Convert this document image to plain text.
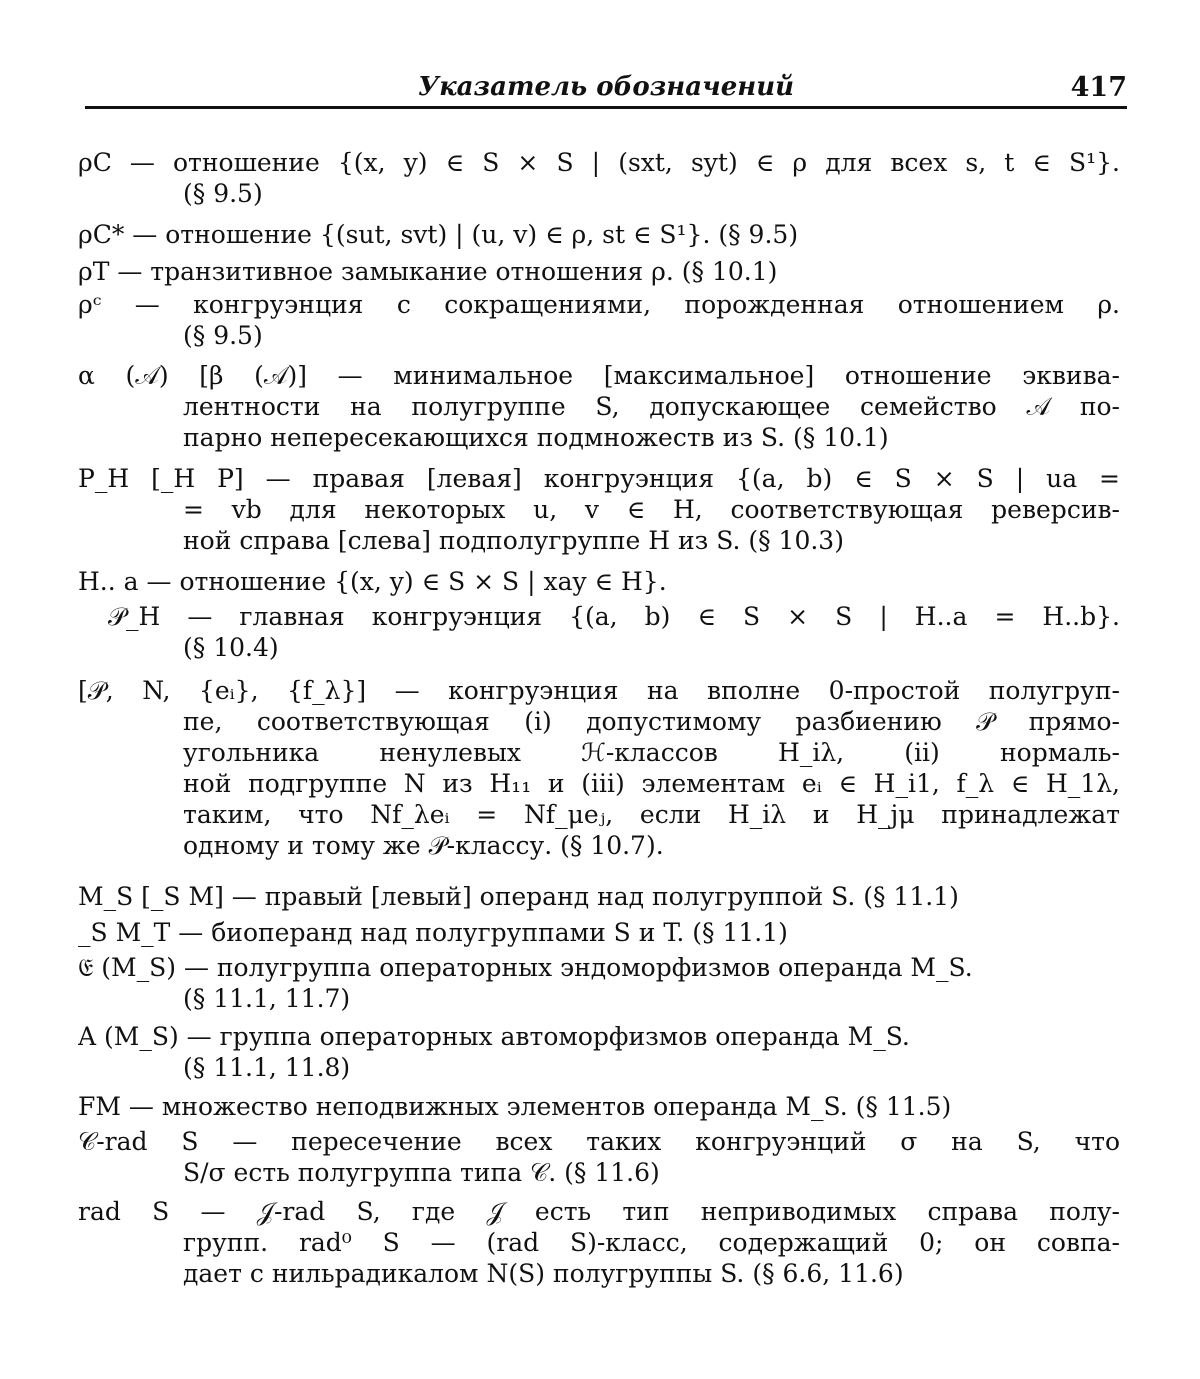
Указатель обозначений	417
ρC — отношение {(x, y) ∈ S × S | (sxt, syt) ∈ ρ для всех s, t ∈ S¹}.
(§ 9.5)
ρC* — отношение {(sut, svt) | (u, v) ∈ ρ, st ∈ S¹}. (§ 9.5)
ρT — транзитивное замыкание отношения ρ. (§ 10.1)
ρᶜ — конгруэнция с сокращениями, порожденная отношением ρ.
(§ 9.5)
α (𝒜) [β (𝒜)] — минимальное [максимальное] отношение эквива-
лентности на полугруппе S, допускающее семейство 𝒜 по-
парно непересекающихся подмножеств из S. (§ 10.1)
P_H [_H P] — правая [левая] конгруэнция {(a, b) ∈ S × S | ua =
= vb для некоторых u, v ∈ H, соответствующая реверсив-
ной справа [слева] подполугруппе H из S. (§ 10.3)
H.. a — отношение {(x, y) ∈ S × S | xay ∈ H}.
𝒫_H — главная конгруэнция {(a, b) ∈ S × S | H..a = H..b}.
(§ 10.4)
[𝒫, N, {eᵢ}, {f_λ}] — конгруэнция на вполне 0-простой полугруп-
пе, соответствующая (i) допустимому разбиению 𝒫 прямо-
угольника ненулевых ℋ-классов H_iλ, (ii) нормаль-
ной подгруппе N из H₁₁ и (iii) элементам eᵢ ∈ H_i1, f_λ ∈ H_1λ,
таким, что Nf_λeᵢ = Nf_μeⱼ, если H_iλ и H_jμ принадлежат
одному и тому же 𝒫-классу. (§ 10.7).
M_S [_S M] — правый [левый] операнд над полугруппой S. (§ 11.1)
_S M_T — биоперанд над полугруппами S и T. (§ 11.1)
𝔈 (M_S) — полугруппа операторных эндоморфизмов операнда M_S.
(§ 11.1, 11.7)
A (M_S) — группа операторных автоморфизмов операнда M_S.
(§ 11.1, 11.8)
FM — множество неподвижных элементов операнда M_S. (§ 11.5)
𝒞-rad S — пересечение всех таких конгруэнций σ на S, что
S/σ есть полугруппа типа 𝒞. (§ 11.6)
rad S — 𝒥-rad S, где 𝒥 есть тип неприводимых справа полу-
групп. rad⁰ S — (rad S)-класс, содержащий 0; он совпа-
дает с нильрадикалом N(S) полугруппы S. (§ 6.6, 11.6)
